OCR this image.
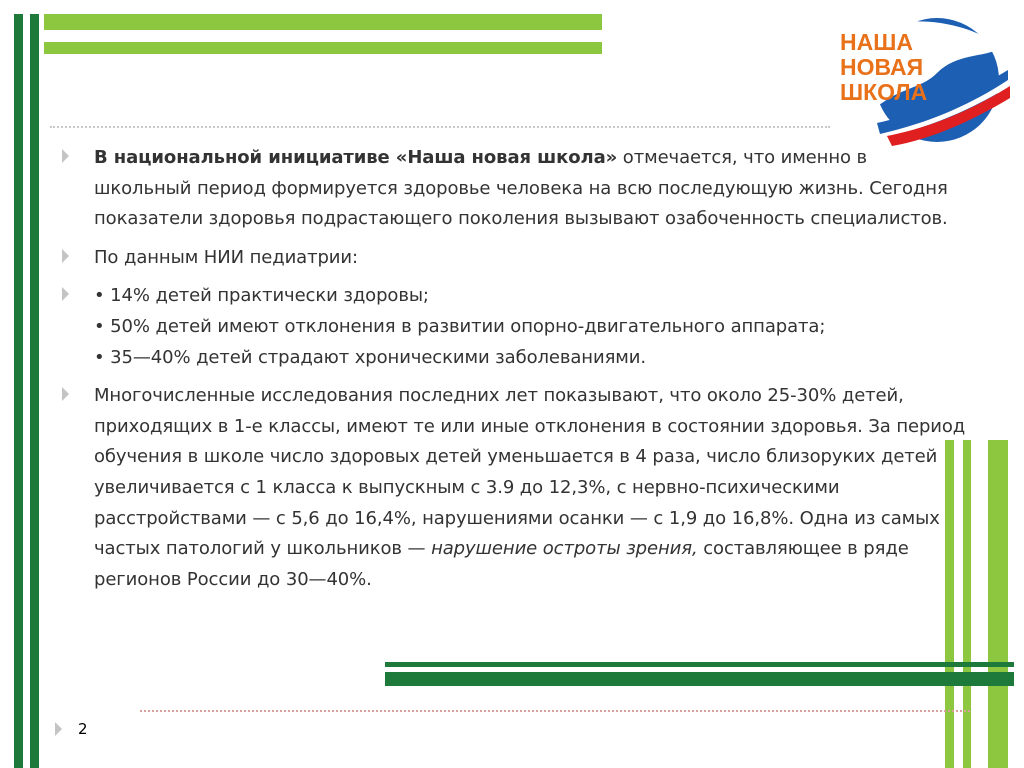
НАША
НОВАЯ
ШКОЛА
В национальной инициативе «Наша новая школа» отмечается, что именно в школьный период формируется здоровье человека на всю последующую жизнь. Сегодня показатели здоровья подрастающего поколения вызывают озабоченность специалистов.
По данным НИИ педиатрии:
• 14% детей практически здоровы;
• 50% детей имеют отклонения в развитии опорно-двигательного аппарата;
• 35—40% детей страдают хроническими заболеваниями.
Многочисленные исследования последних лет показывают, что около 25-30% детей, приходящих в 1-е классы, имеют те или иные отклонения в состоянии здоровья. За период обучения в школе число здоровых детей уменьшается в 4 раза, число близоруких детей увеличивается с 1 класса к выпускным с 3.9 до 12,3%, с нервно-психическими расстройствами — с 5,6 до 16,4%, нарушениями осанки — с 1,9 до 16,8%. Одна из самых частых патологий у школьников — нарушение остроты зрения, составляющее в ряде регионов России до 30—40%.
2
